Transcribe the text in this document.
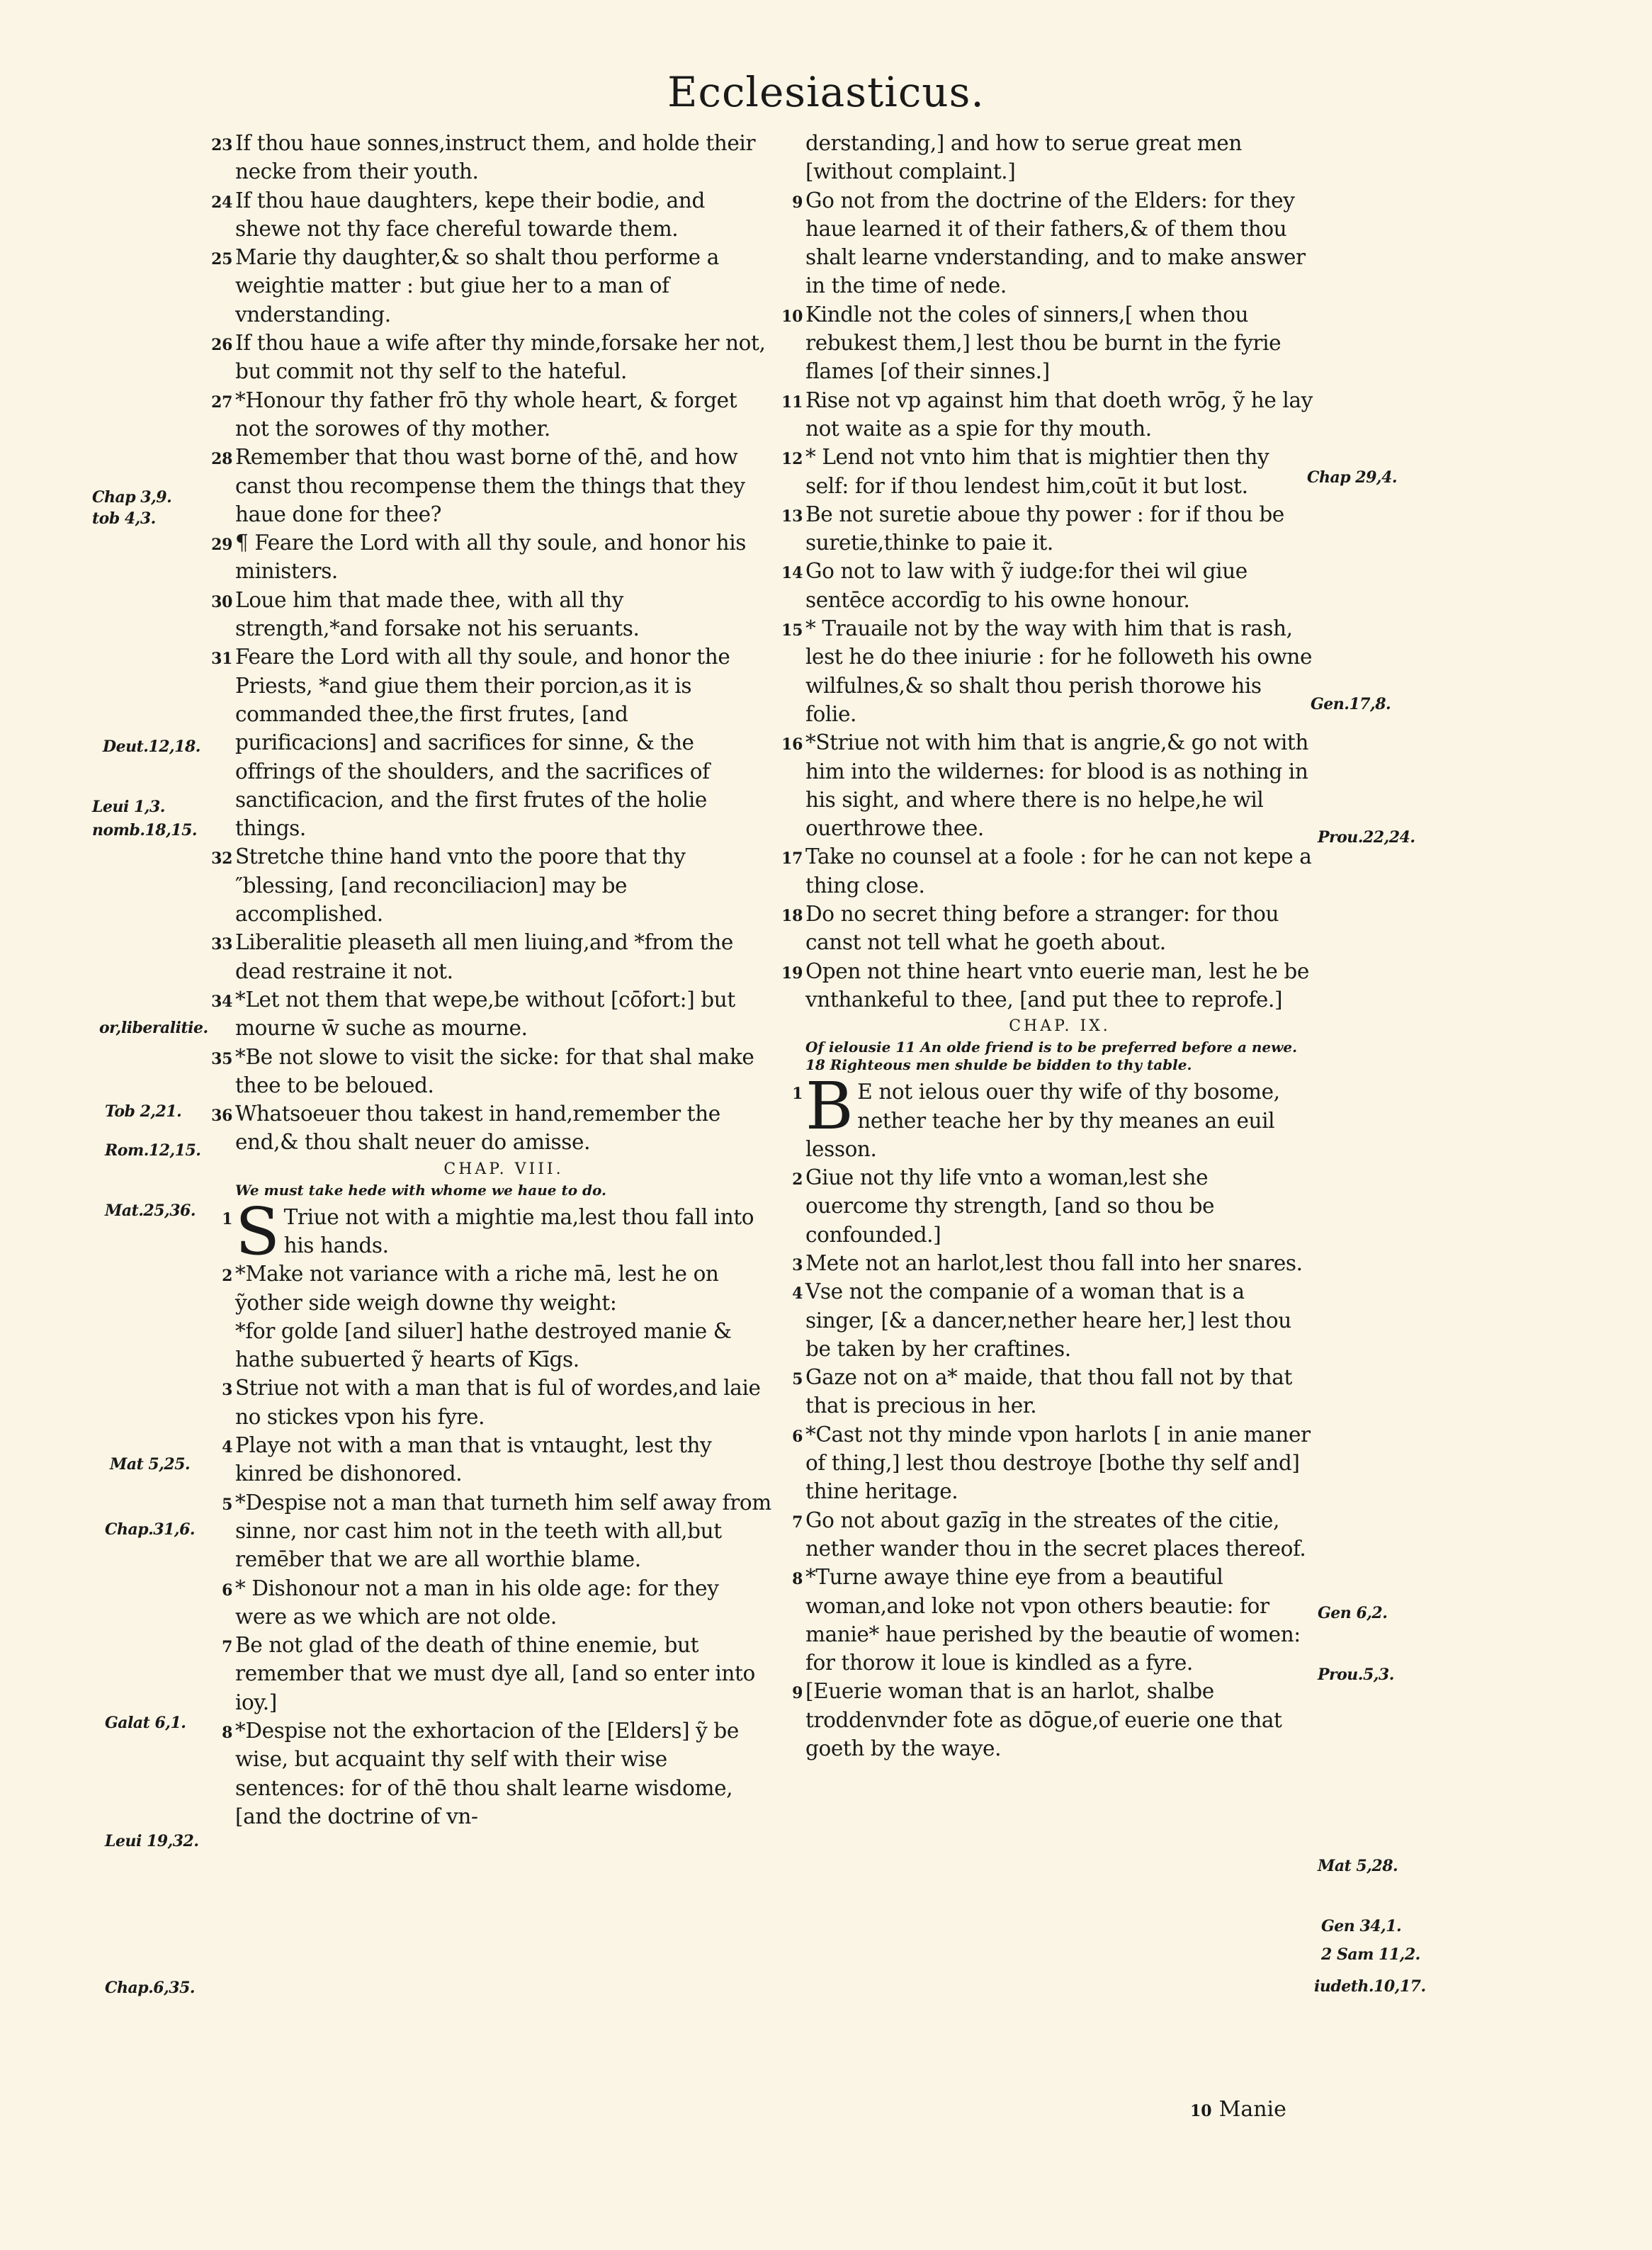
Ecclesiasticus.
Chap 3,9.
tob 4,3.
Deut.12,18.
Leui 1,3.
nomb.18,15.
or,liberalitie.
Tob 2,21.
Rom.12,15.
Mat.25,36.
Mat 5,25.
Chap.31,6.
Galat 6,1.
Leui 19,32.
Chap.6,35.
Chap 29,4.
Gen.17,8.
Prou.22,24.
Gen 6,2.
Prou.5,3.
Mat 5,28.
Gen 34,1.
2 Sam 11,2.
iudeth.10,17.
23 If thou haue sonnes,instruct them, and holde their necke from their youth.
24 If thou haue daughters, kepe their bodie, and shewe not thy face chereful towarde them.
25 Marie thy daughter,& so shalt thou performe a weightie matter : but giue her to a man of vnderstanding.
26 If thou haue a wife after thy minde,forsake her not, but commit not thy self to the hateful.
27 *Honour thy father frō thy whole heart, & forget not the sorowes of thy mother.
28 Remember that thou wast borne of thē, and how canst thou recompense them the things that they haue done for thee?
29 ¶ Feare the Lord with all thy soule, and honor his ministers.
30 Loue him that made thee, with all thy strength,*and forsake not his seruants.
31 Feare the Lord with all thy soule, and honor the Priests, *and giue them their porcion,as it is commanded thee,the first frutes, [and purificacions] and sacrifices for sinne, & the offrings of the shoulders, and the sacrifices of sanctificacion, and the first frutes of the holie things.
32 Stretche thine hand vnto the poore that thy ″blessing, [and reconciliacion] may be accomplished.
33 Liberalitie pleaseth all men liuing,and *from the dead restraine it not.
34 *Let not them that wepe,be without [cōfort:] but mourne w̄ suche as mourne.
35 *Be not slowe to visit the sicke: for that shal make thee to be beloued.
36 Whatsoeuer thou takest in hand,remember the end,& thou shalt neuer do amisse.
CHAP. VIII.
We must take hede with whome we haue to do.
1 S Triue not with a mightie ma,lest thou fall into his hands.
2 *Make not variance with a riche mā, lest he on ỹother side weigh downe thy weight:
*for golde [and siluer] hathe destroyed manie & hathe subuerted ỹ hearts of Kīgs.
3 Striue not with a man that is ful of wordes,and laie no stickes vpon his fyre.
4 Playe not with a man that is vntaught, lest thy kinred be dishonored.
5 *Despise not a man that turneth him self away from sinne, nor cast him not in the teeth with all,but remēber that we are all worthie blame.
6 * Dishonour not a man in his olde age: for they were as we which are not olde.
7 Be not glad of the death of thine enemie, but remember that we must dye all, [and so enter into ioy.]
8 *Despise not the exhortacion of the [Elders] ỹ be wise, but acquaint thy self with their wise sentences: for of thē thou shalt learne wisdome, [and the doctrine of vn-
derstanding,] and how to serue great men [without complaint.]
9 Go not from the doctrine of the Elders: for they haue learned it of their fathers,& of them thou shalt learne vnderstanding, and to make answer in the time of nede.
10 Kindle not the coles of sinners,[ when thou rebukest them,] lest thou be burnt in the fyrie flames [of their sinnes.]
11 Rise not vp against him that doeth wrōg, ỹ he lay not waite as a spie for thy mouth.
12 * Lend not vnto him that is mightier then thy self: for if thou lendest him,coūt it but lost.
13 Be not suretie aboue thy power : for if thou be suretie,thinke to paie it.
14 Go not to law with ỹ iudge:for thei wil giue sentēce accordīg to his owne honour.
15 * Trauaile not by the way with him that is rash, lest he do thee iniurie : for he followeth his owne wilfulnes,& so shalt thou perish thorowe his folie.
16 *Striue not with him that is angrie,& go not with him into the wildernes: for blood is as nothing in his sight, and where there is no helpe,he wil ouerthrowe thee.
17 Take no counsel at a foole : for he can not kepe a thing close.
18 Do no secret thing before a stranger: for thou canst not tell what he goeth about.
19 Open not thine heart vnto euerie man, lest he be vnthankeful to thee, [and put thee to reprofe.]
CHAP. IX.
Of ielousie 11 An olde friend is to be preferred before a newe. 18 Righteous men shulde be bidden to thy table.
1 B E not ielous ouer thy wife of thy bosome, nether teache her by thy meanes an euil lesson.
2 Giue not thy life vnto a woman,lest she ouercome thy strength, [and so thou be confounded.]
3 Mete not an harlot,lest thou fall into her snares.
4 Vse not the companie of a woman that is a singer, [& a dancer,nether heare her,] lest thou be taken by her craftines.
5 Gaze not on a* maide, that thou fall not by that that is precious in her.
6 *Cast not thy minde vpon harlots [ in anie maner of thing,] lest thou destroye [bothe thy self and] thine heritage.
7 Go not about gazīg in the streates of the citie, nether wander thou in the secret places thereof.
8 *Turne awaye thine eye from a beautiful woman,and loke not vpon others beautie: for manie* haue perished by the beautie of women: for thorow it loue is kindled as a fyre.
9 [Euerie woman that is an harlot, shalbe troddenvnder fote as dōgue,of euerie one that goeth by the waye.
10 Manie
